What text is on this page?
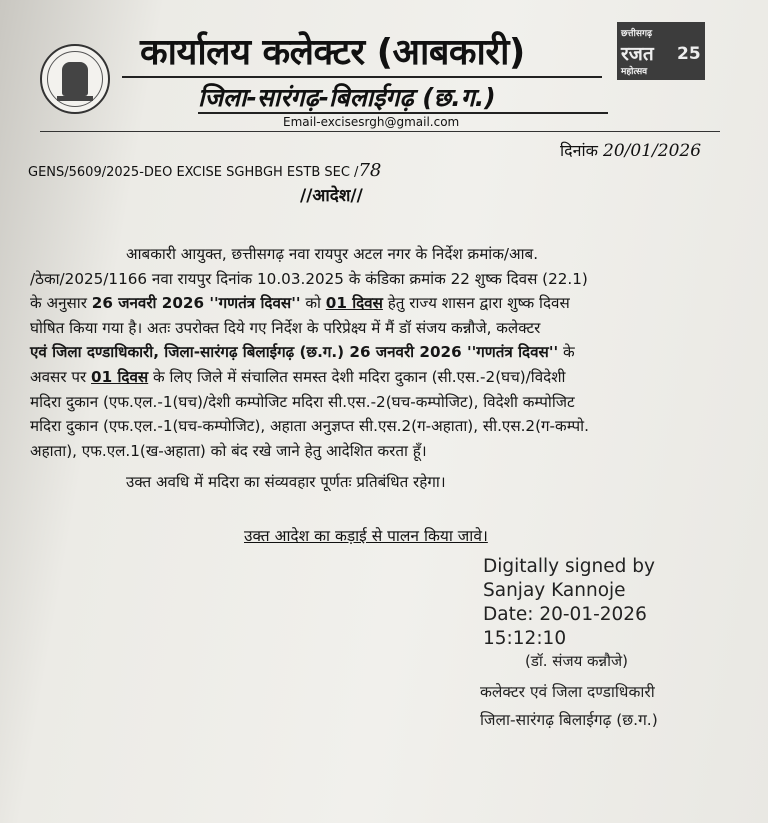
कार्यालय कलेक्टर (आबकारी)
जिला-सारंगढ़-बिलाईगढ़ (छ.ग.)
छत्तीसगढ़
रजत
महोत्सव
25
Email-excisesrgh@gmail.com
दिनांक 20/01/2026
GENS/5609/2025-DEO EXCISE SGHBGH ESTB SEC /78
//आदेश//

आबकारी आयुक्त, छत्तीसगढ़ नवा रायपुर अटल नगर के निर्देश क्रमांक/आब.

/ठेका/2025/1166 नवा रायपुर दिनांक 10.03.2025 के कंडिका क्रमांक 22 शुष्क दिवस (22.1)

के अनुसार 26 जनवरी 2026 ''गणतंत्र दिवस'' को 01 दिवस हेतु राज्य शासन द्वारा शुष्क दिवस

घोषित किया गया है। अतः उपरोक्त दिये गए निर्देश के परिप्रेक्ष्य में मैं डॉ संजय कन्नौजे, कलेक्टर

एवं जिला दण्डाधिकारी, जिला-सारंगढ़ बिलाईगढ़ (छ.ग.) 26 जनवरी 2026 ''गणतंत्र दिवस'' के

अवसर पर 01 दिवस के लिए जिले में संचालित समस्त देशी मदिरा दुकान (सी.एस.-2(घच)/विदेशी

मदिरा दुकान (एफ.एल.-1(घच)/देशी कम्पोजिट मदिरा सी.एस.-2(घच-कम्पोजिट), विदेशी कम्पोजिट

मदिरा दुकान (एफ.एल.-1(घच-कम्पोजिट), अहाता अनुज्ञप्त सी.एस.2(ग-अहाता), सी.एस.2(ग-कम्पो.

अहाता), एफ.एल.1(ख-अहाता) को बंद रखे जाने हेतु आदेशित करता हूँ।

उक्त अवधि में मदिरा का संव्यवहार पूर्णतः प्रतिबंधित रहेगा।
उक्त आदेश का कड़ाई से पालन किया जावे।

Digitally signed by

Sanjay Kannoje

Date: 20-01-2026

15:12:10

(डॉ. संजय कन्नौजे)
कलेक्टर एवं जिला दण्डाधिकारी
जिला-सारंगढ़ बिलाईगढ़ (छ.ग.)
